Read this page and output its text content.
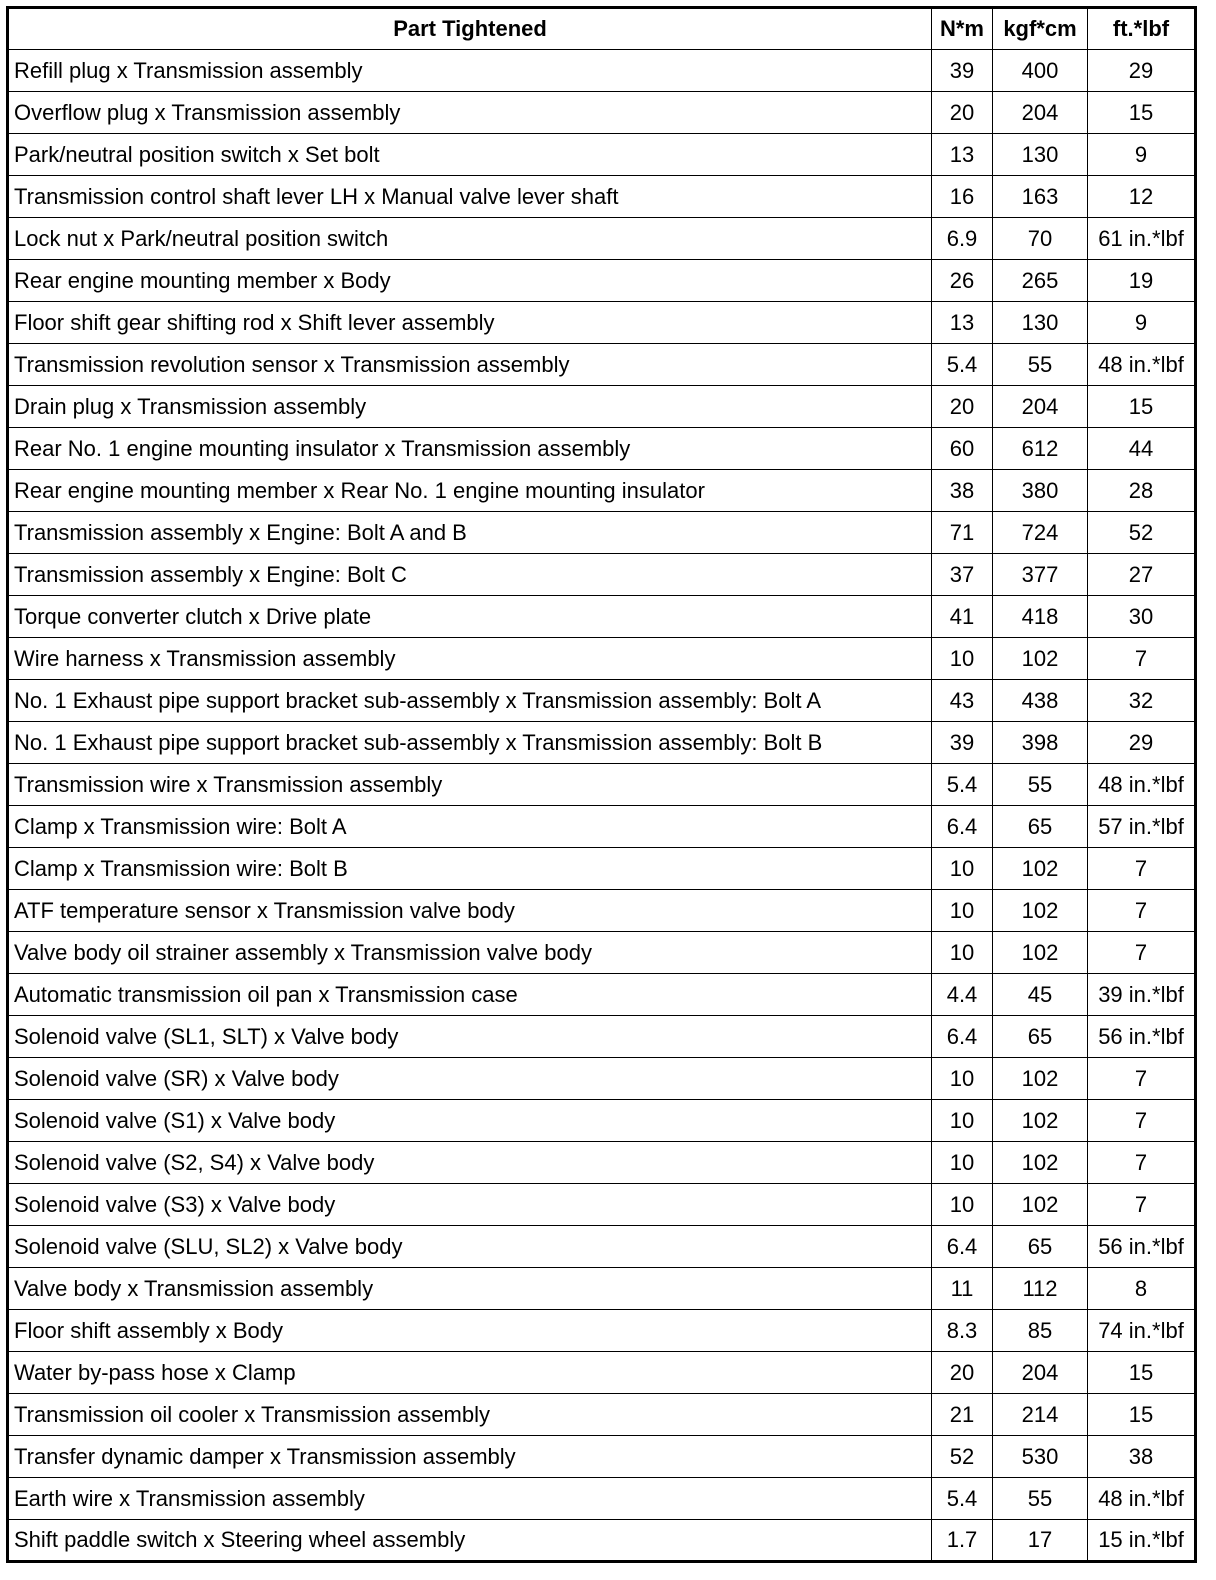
Part Tightened	N*m	kgf*cm	ft.*lbf
Refill plug x Transmission assembly	39	400	29
Overflow plug x Transmission assembly	20	204	15
Park/neutral position switch x Set bolt	13	130	9
Transmission control shaft lever LH x Manual valve lever shaft	16	163	12
Lock nut x Park/neutral position switch	6.9	70	61 in.*lbf
Rear engine mounting member x Body	26	265	19
Floor shift gear shifting rod x Shift lever assembly	13	130	9
Transmission revolution sensor x Transmission assembly	5.4	55	48 in.*lbf
Drain plug x Transmission assembly	20	204	15
Rear No. 1 engine mounting insulator x Transmission assembly	60	612	44
Rear engine mounting member x Rear No. 1 engine mounting insulator	38	380	28
Transmission assembly x Engine: Bolt A and B	71	724	52
Transmission assembly x Engine: Bolt C	37	377	27
Torque converter clutch x Drive plate	41	418	30
Wire harness x Transmission assembly	10	102	7
No. 1 Exhaust pipe support bracket sub-assembly x Transmission assembly: Bolt A	43	438	32
No. 1 Exhaust pipe support bracket sub-assembly x Transmission assembly: Bolt B	39	398	29
Transmission wire x Transmission assembly	5.4	55	48 in.*lbf
Clamp x Transmission wire: Bolt A	6.4	65	57 in.*lbf
Clamp x Transmission wire: Bolt B	10	102	7
ATF temperature sensor x Transmission valve body	10	102	7
Valve body oil strainer assembly x Transmission valve body	10	102	7
Automatic transmission oil pan x Transmission case	4.4	45	39 in.*lbf
Solenoid valve (SL1, SLT) x Valve body	6.4	65	56 in.*lbf
Solenoid valve (SR) x Valve body	10	102	7
Solenoid valve (S1) x Valve body	10	102	7
Solenoid valve (S2, S4) x Valve body	10	102	7
Solenoid valve (S3) x Valve body	10	102	7
Solenoid valve (SLU, SL2) x Valve body	6.4	65	56 in.*lbf
Valve body x Transmission assembly	11	112	8
Floor shift assembly x Body	8.3	85	74 in.*lbf
Water by-pass hose x Clamp	20	204	15
Transmission oil cooler x Transmission assembly	21	214	15
Transfer dynamic damper x Transmission assembly	52	530	38
Earth wire x Transmission assembly	5.4	55	48 in.*lbf
Shift paddle switch x Steering wheel assembly	1.7	17	15 in.*lbf
